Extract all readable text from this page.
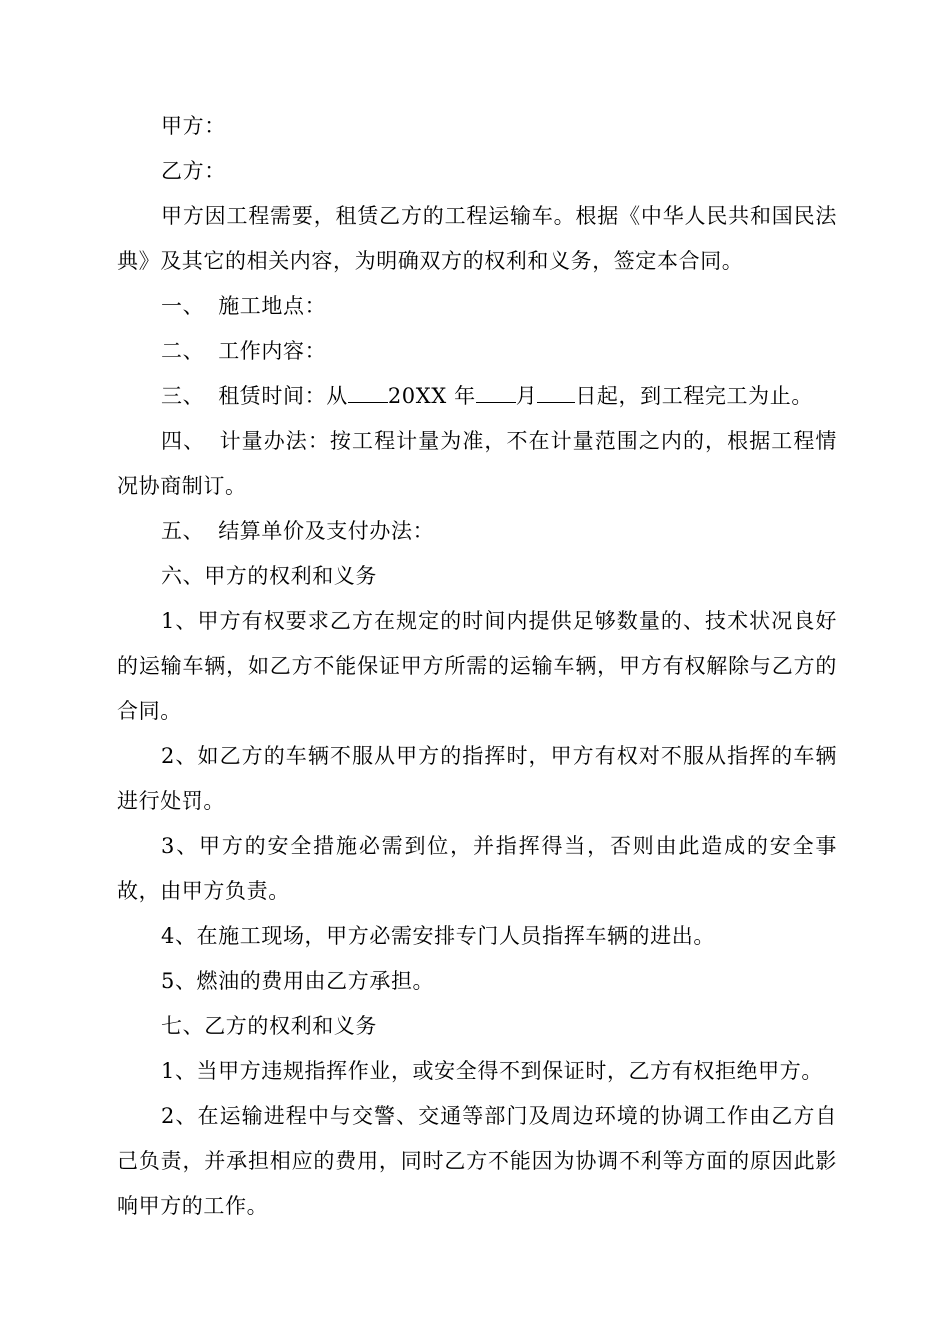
甲方：

乙方：

甲方因工程需要，租赁乙方的工程运输车。根据《中华人民共和国民法典》及其它的相关内容，为明确双方的权利和义务，签定本合同。

一、 施工地点：

二、 工作内容：

三、 租赁时间：从 20XX 年 月 日起，到工程完工为止。

四、 计量办法：按工程计量为准，不在计量范围之内的，根据工程情况协商制订。

五、 结算单价及支付办法：

六、甲方的权利和义务

1、甲方有权要求乙方在规定的时间内提供足够数量的、技术状况良好的运输车辆，如乙方不能保证甲方所需的运输车辆，甲方有权解除与乙方的合同。

2、如乙方的车辆不服从甲方的指挥时，甲方有权对不服从指挥的车辆进行处罚。

3、甲方的安全措施必需到位，并指挥得当，否则由此造成的安全事故，由甲方负责。

4、在施工现场，甲方必需安排专门人员指挥车辆的进出。

5、燃油的费用由乙方承担。

七、乙方的权利和义务

1、当甲方违规指挥作业，或安全得不到保证时，乙方有权拒绝甲方。

2、在运输进程中与交警、交通等部门及周边环境的协调工作由乙方自己负责，并承担相应的费用，同时乙方不能因为协调不利等方面的原因此影响甲方的工作。
